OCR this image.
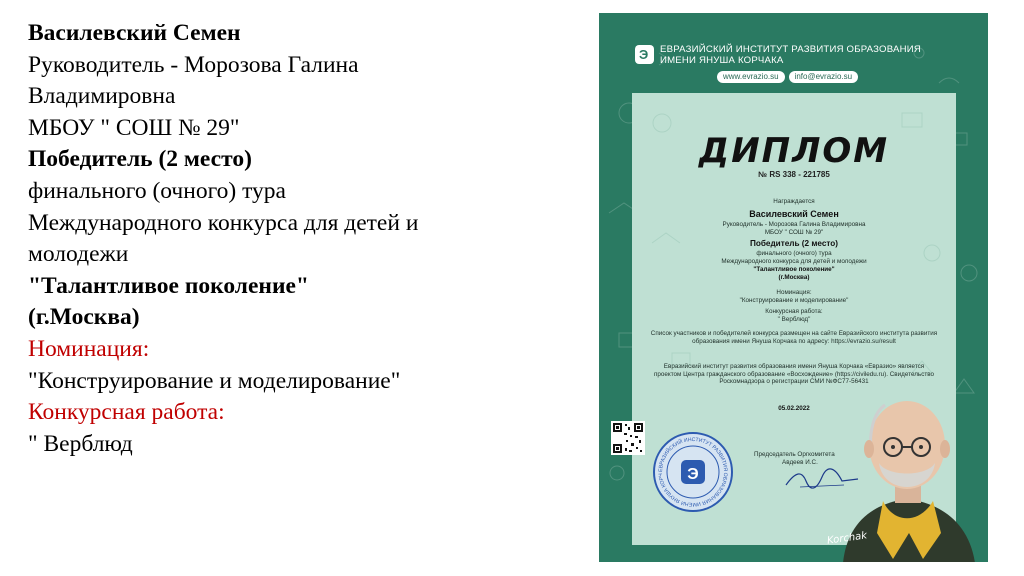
Василевский Семен
Руководитель - Морозова Галина
Владимировна
МБОУ " СОШ № 29"
Победитель (2 место)
финального (очного) тура
Международного конкурса для детей и
молодежи
"Талантливое поколение"
(г.Москва)
Номинация:
"Конструирование и моделирование"
Конкурсная работа:
" Верблюд
Э ЕВРАЗИЙСКИЙ ИНСТИТУТ РАЗВИТИЯ ОБРАЗОВАНИЯ
ИМЕНИ ЯНУША КОРЧАКА
www.evrazio.su	info@evrazio.su
ДИПЛОМ
№ RS 338 - 221785
Награждается
Василевский Семен
Руководитель - Морозова Галина Владимировна
МБОУ " СОШ № 29"
Победитель (2 место)
финального (очного) тура
Международного конкурса для детей и молодежи
"Талантливое поколение"
(г.Москва)
Номинация:
"Конструирование и моделирование"
Конкурсная работа:
" Верблюд"
Список участников и победителей конкурса размещен на сайте Евразийского института развития образования имени Януша Корчака по адресу: https://evrazio.su/result
Евразийский институт развития образования имени Януша Корчака «Евразио» является проектом Центра гражданского образование «Восхождение» (https://civiledu.ru). Свидетельство Роскомнадзора о регистрации СМИ №ФС77-56431
05.02.2022
ЕВРАЗИЙСКИЙ ИНСТИТУТ РАЗВИТИЯ ОБРАЗОВАНИЯ ИМЕНИ ЯНУША КОРЧ	Э
Председатель Оргкомитета
Авдеев И.С.
Korchak
